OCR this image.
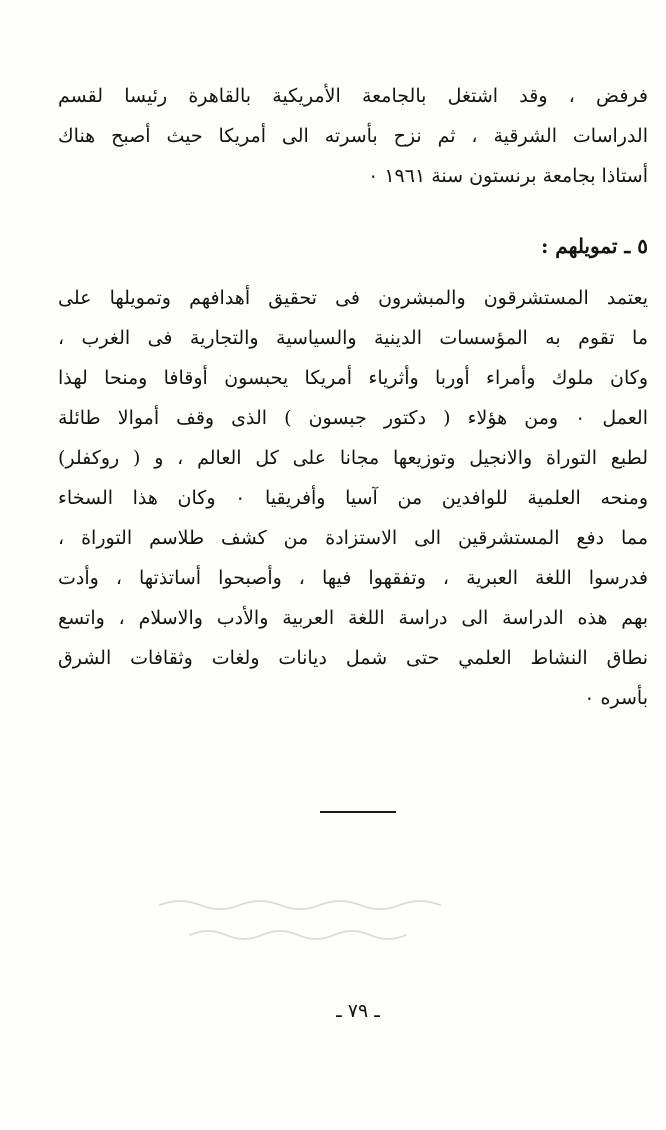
فرفض ، وقد اشتغل بالجامعة الأمريكية بالقاهرة رئيسا لقسم
الدراسات الشرقية ، ثم نزح بأسرته الى أمريكا حيث أصبح هناك
أستاذا بجامعة برنستون سنة ١٩٦١ ٠
٥ ـ تمويلهم :
يعتمد المستشرقون والمبشرون فى تحقيق أهدافهم وتمويلها على
ما تقوم به المؤسسات الدينية والسياسية والتجارية فى الغرب ،
وكان ملوك وأمراء أوربا وأثرياء أمريكا يحبسون أوقافا ومنحا لهذا
العمل ٠ ومن هؤلاء ( دكتور جبسون ) الذى وقف أموالا طائلة
لطبع التوراة والانجيل وتوزيعها مجانا على كل العالم ، و ( روكفلر)
ومنحه العلمية للوافدين من آسيا وأفريقيا ٠ وكان هذا السخاء
مما دفع المستشرقين الى الاستزادة من كشف طلاسم التوراة ،
فدرسوا اللغة العبرية ، وتفقهوا فيها ، وأصبحوا أساتذتها ، وأدت
بهم هذه الدراسة الى دراسة اللغة العربية والأدب والاسلام ، واتسع
نطاق النشاط العلمي حتى شمل ديانات ولغات وثقافات الشرق
بأسره ٠
ـ ٧٩ ـ
